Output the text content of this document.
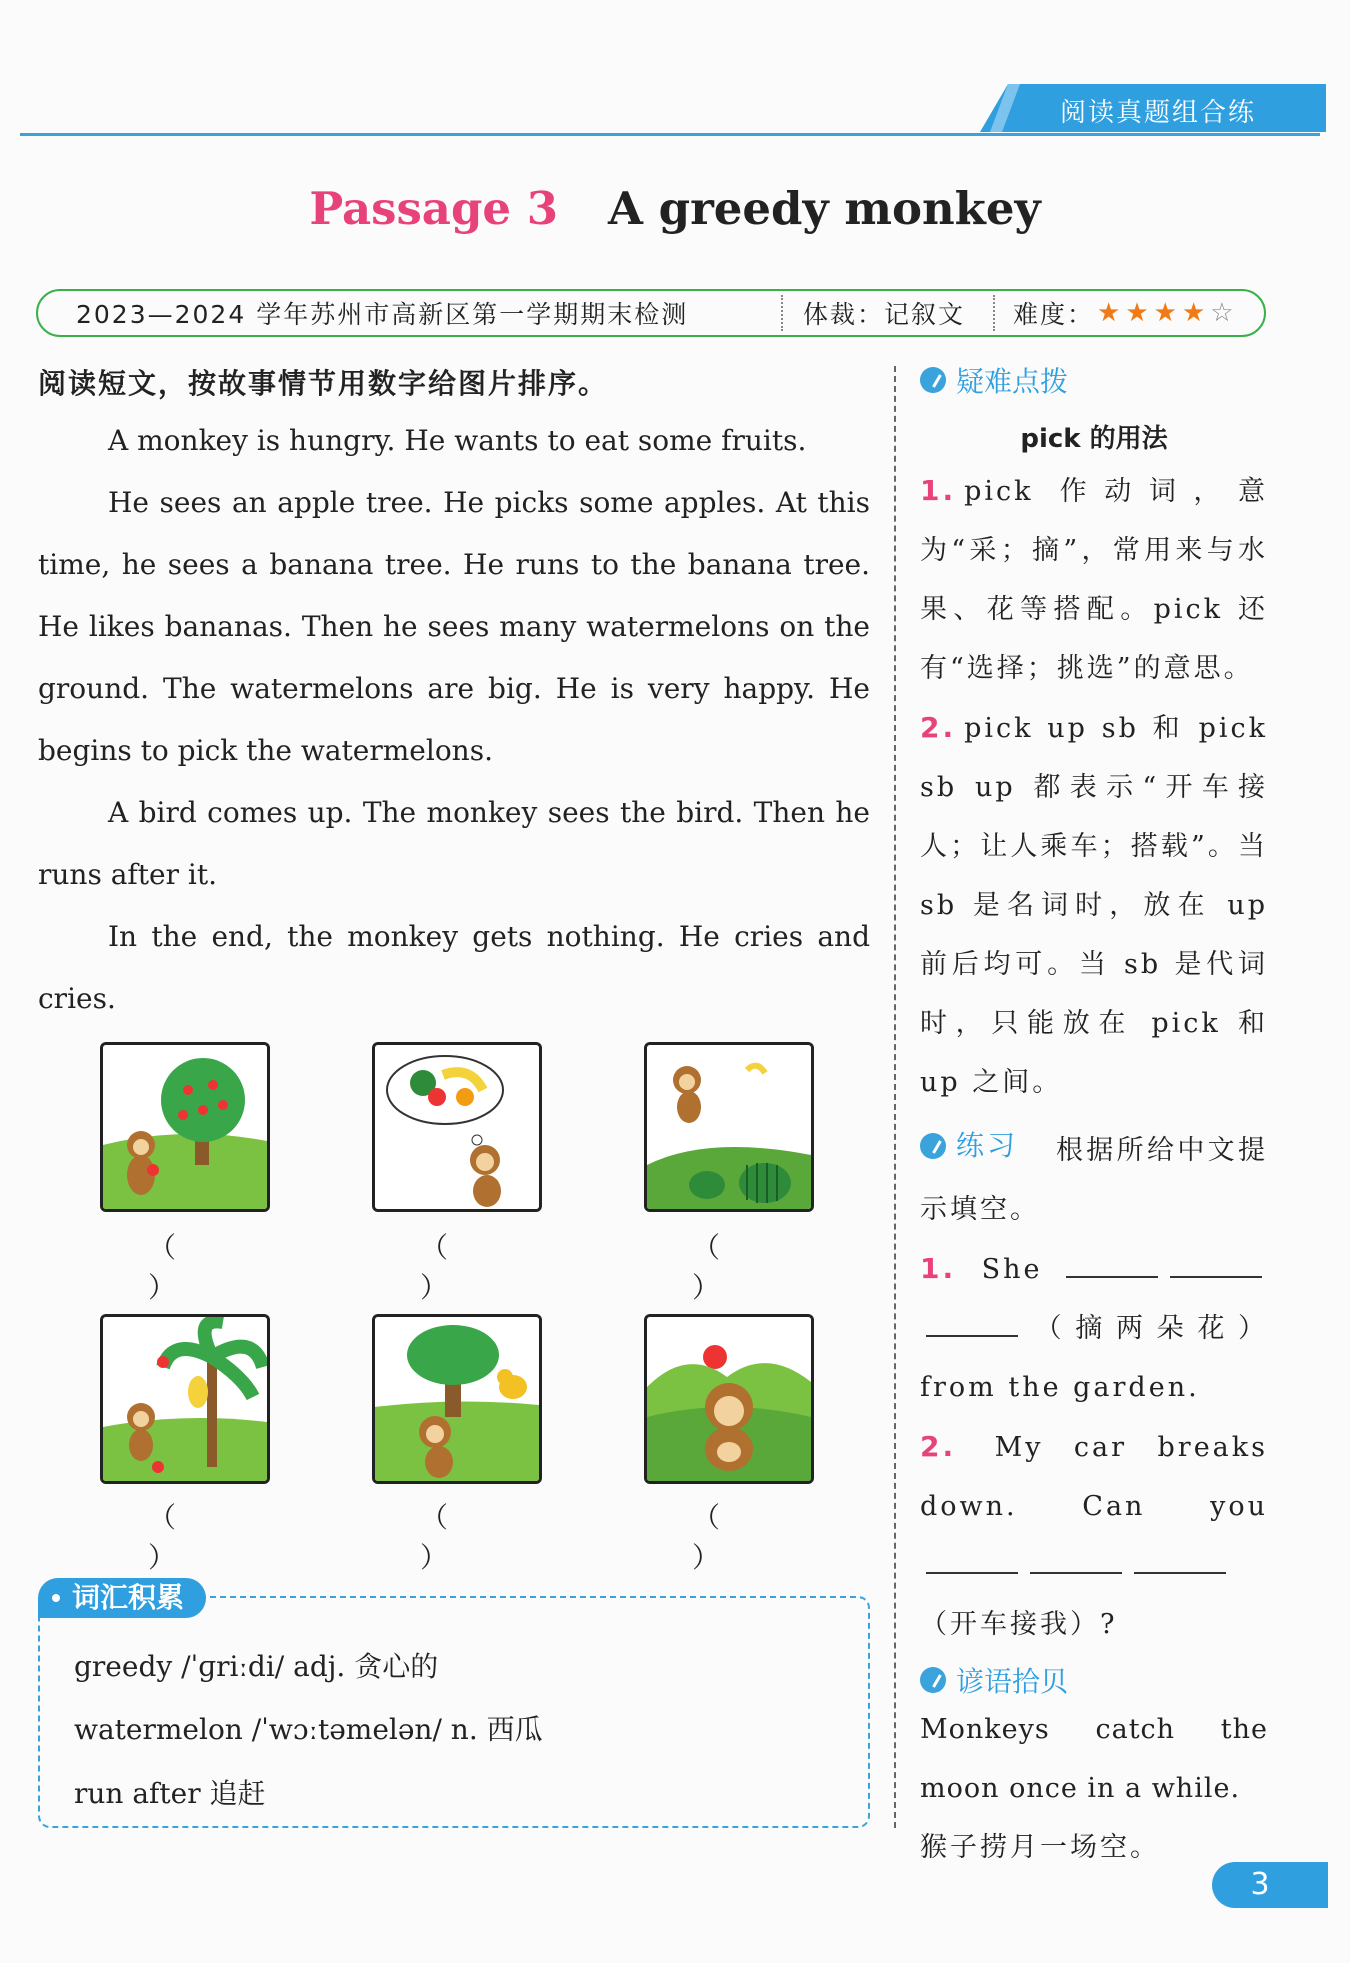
阅读真题组合练
Passage 3 A greedy monkey
2023—2024 学年苏州市高新区第一学期期末检测	体裁：记叙文	难度： ★ ★ ★ ★ ☆
阅读短文，按故事情节用数字给图片排序。

A monkey is hungry. He wants to eat some fruits.

He sees an apple tree. He picks some apples. At this time, he sees a banana tree. He runs to the banana tree. He likes bananas. Then he sees many watermelons on the ground. The watermelons are big. He is very happy. He begins to pick the watermelons.

A bird comes up. The monkey sees the bird. Then he runs after it.

In the end, the monkey gets nothing. He cries and cries.

（ ）
（ ）
（ ）
（ ）
（ ）
（ ）
词汇积累
greedy /ˈɡriːdi/ adj. 贪心的
watermelon /ˈwɔːtəmelən/ n. 西瓜
run after 追赶
疑难点拨
pick 的用法
1. pick 作动词，意为“采；摘”，常用来与水果、花等搭配。pick 还有“选择；挑选”的意思。
2. pick up sb 和 pick sb up 都表示“开车接人；让人乘车；搭载”。当 sb 是名词时，放在 up 前后均可。当 sb 是代词时，只能放在 pick 和 up 之间。
练习 根据所给中文提示填空。
1. She （摘两朵花）from the garden.
2. My car breaks down. Can you （开车接我）?
谚语拾贝
Monkeys catch the moon once in a while.
猴子捞月一场空。
3
